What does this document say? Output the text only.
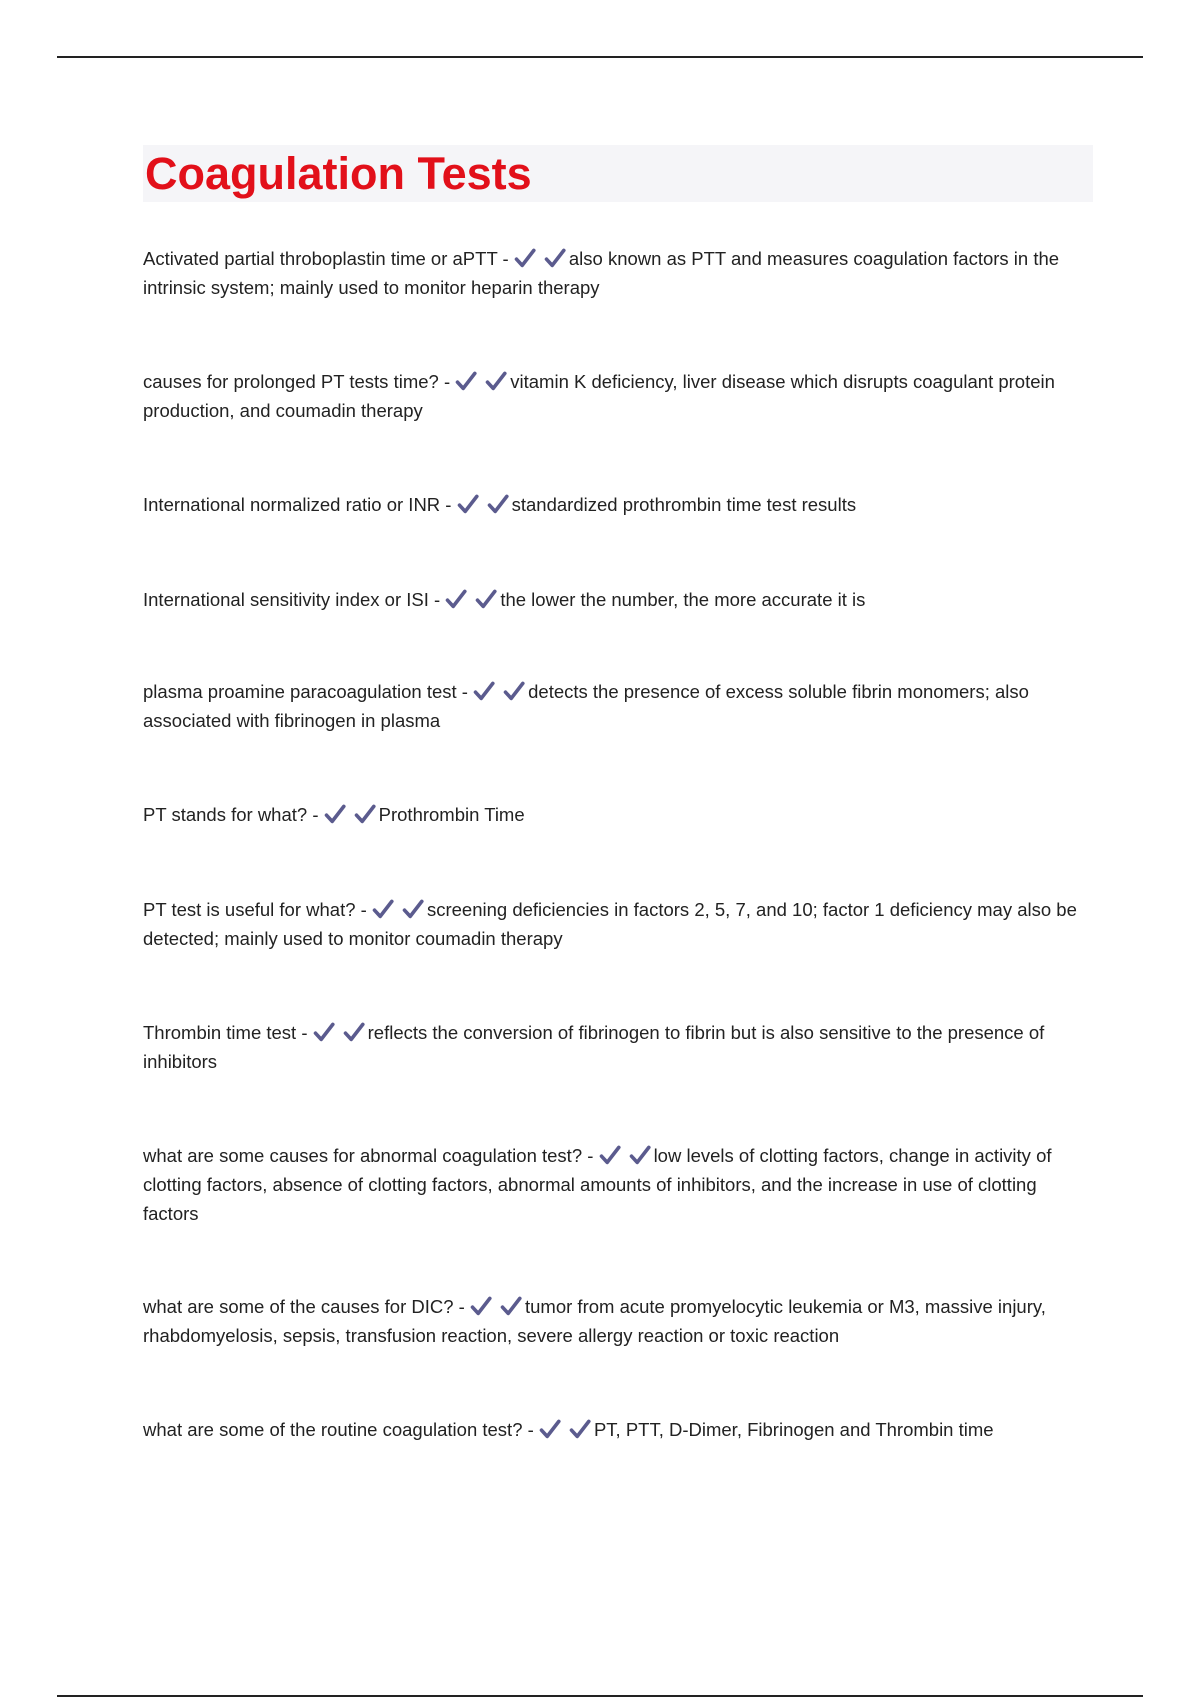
Coagulation Tests
Activated partial throboplastin time or aPTT -	also known as PTT and measures coagulation factors in the intrinsic system; mainly used to monitor heparin therapy
causes for prolonged PT tests time? -	vitamin K deficiency, liver disease which disrupts coagulant protein production, and coumadin therapy
International normalized ratio or INR -	standardized prothrombin time test results
International sensitivity index or ISI -	the lower the number, the more accurate it is
plasma proamine paracoagulation test -	detects the presence of excess soluble fibrin monomers; also associated with fibrinogen in plasma
PT stands for what? -	Prothrombin Time
PT test is useful for what? -	screening deficiencies in factors 2, 5, 7, and 10; factor 1 deficiency may also be detected; mainly used to monitor coumadin therapy
Thrombin time test -	reflects the conversion of fibrinogen to fibrin but is also sensitive to the presence of inhibitors
what are some causes for abnormal coagulation test? -	low levels of clotting factors, change in activity of clotting factors, absence of clotting factors, abnormal amounts of inhibitors, and the increase in use of clotting factors
what are some of the causes for DIC? -	tumor from acute promyelocytic leukemia or M3, massive injury, rhabdomyelosis, sepsis, transfusion reaction, severe allergy reaction or toxic reaction
what are some of the routine coagulation test? -	PT, PTT, D-Dimer, Fibrinogen and Thrombin time
